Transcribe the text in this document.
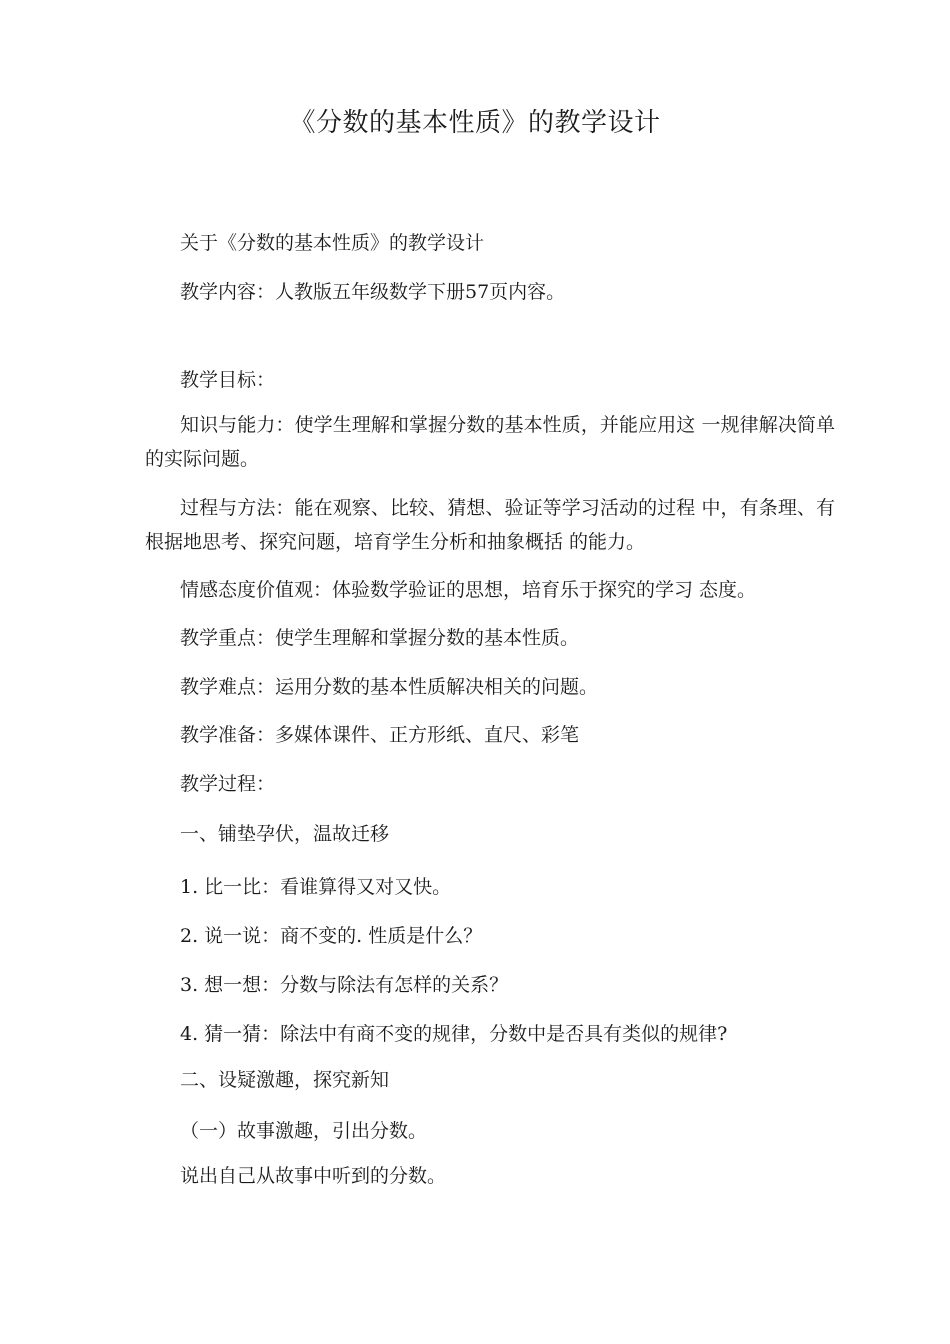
《分数的基本性质》的教学设计
关于《分数的基本性质》的教学设计
教学内容：人教版五年级数学下册57页内容。
教学目标：
知识与能力：使学生理解和掌握分数的基本性质，并能应用这 一规律解决简单的实际问题。
过程与方法：能在观察、比较、猜想、验证等学习活动的过程 中，有条理、有根据地思考、探究问题，培育学生分析和抽象概括 的能力。
情感态度价值观：体验数学验证的思想，培育乐于探究的学习 态度。
教学重点：使学生理解和掌握分数的基本性质。
教学难点：运用分数的基本性质解决相关的问题。
教学准备：多媒体课件、正方形纸、直尺、彩笔
教学过程：
一、铺垫孕伏，温故迁移
1. 比一比：看谁算得又对又快。
2. 说一说：商不变的. 性质是什么？
3. 想一想：分数与除法有怎样的关系？
4. 猜一猜：除法中有商不变的规律，分数中是否具有类似的规律?
二、设疑激趣，探究新知
（一）故事激趣，引出分数。
说出自己从故事中听到的分数。
